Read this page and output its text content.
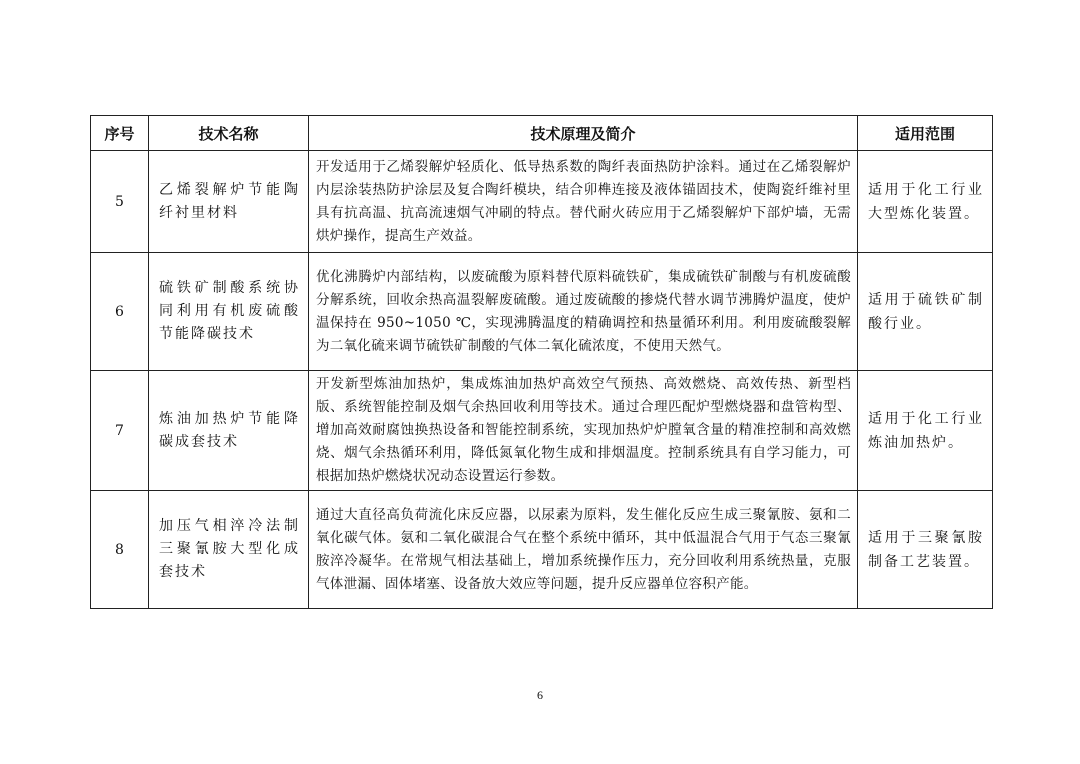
序号	技术名称	技术原理及简介	适用范围
5	乙烯裂解炉节能陶纤衬里材料	开发适用于乙烯裂解炉轻质化、低导热系数的陶纤表面热防护涂料。通过在乙烯裂解炉内层涂装热防护涂层及复合陶纤模块，结合卯榫连接及液体锚固技术，使陶瓷纤维衬里具有抗高温、抗高流速烟气冲刷的特点。替代耐火砖应用于乙烯裂解炉下部炉墙，无需烘炉操作，提高生产效益。	适用于化工行业大型炼化装置。
6	硫铁矿制酸系统协同利用有机废硫酸节能降碳技术	优化沸腾炉内部结构，以废硫酸为原料替代原料硫铁矿，集成硫铁矿制酸与有机废硫酸分解系统，回收余热高温裂解废硫酸。通过废硫酸的掺烧代替水调节沸腾炉温度，使炉温保持在 950~1050 ℃，实现沸腾温度的精确调控和热量循环利用。利用废硫酸裂解为二氧化硫来调节硫铁矿制酸的气体二氧化硫浓度，不使用天然气。	适用于硫铁矿制酸行业。
7	炼油加热炉节能降碳成套技术	开发新型炼油加热炉，集成炼油加热炉高效空气预热、高效燃烧、高效传热、新型档版、系统智能控制及烟气余热回收利用等技术。通过合理匹配炉型燃烧器和盘管构型、增加高效耐腐蚀换热设备和智能控制系统，实现加热炉炉膛氧含量的精准控制和高效燃烧、烟气余热循环利用，降低氮氧化物生成和排烟温度。控制系统具有自学习能力，可根据加热炉燃烧状况动态设置运行参数。	适用于化工行业炼油加热炉。
8	加压气相淬冷法制三聚氰胺大型化成套技术	通过大直径高负荷流化床反应器，以尿素为原料，发生催化反应生成三聚氰胺、氨和二氧化碳气体。氨和二氧化碳混合气在整个系统中循环，其中低温混合气用于气态三聚氰胺淬冷凝华。在常规气相法基础上，增加系统操作压力，充分回收利用系统热量，克服气体泄漏、固体堵塞、设备放大效应等问题，提升反应器单位容积产能。	适用于三聚氰胺制备工艺装置。
6
